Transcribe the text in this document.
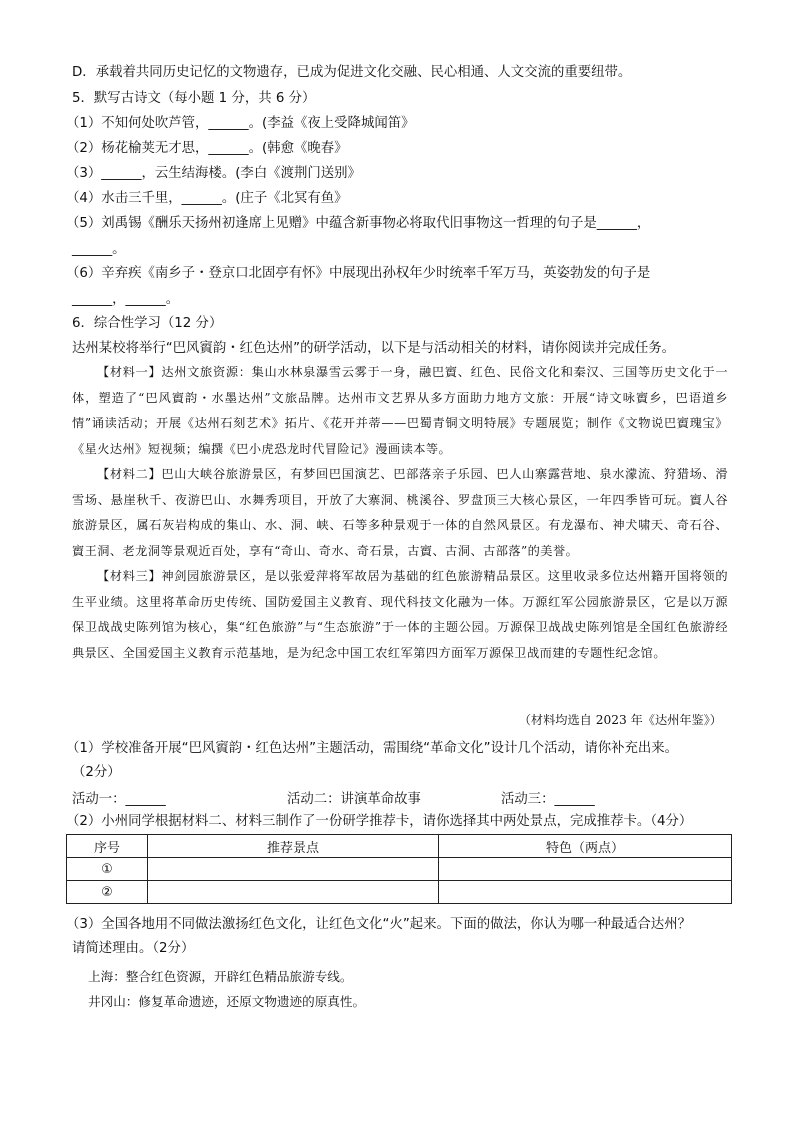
D．承载着共同历史记忆的文物遗存，已成为促进文化交融、民心相通、人文交流的重要纽带。
5．默写古诗文（每小题 1 分，共 6 分）
（1）不知何处吹芦管，______。(李益《夜上受降城闻笛》
（2）杨花榆荚无才思，______。(韩愈《晚春》
（3）______，云生结海楼。(李白《渡荆门送别》
（4）水击三千里，______。(庄子《北冥有鱼》
（5）刘禹锡《酬乐天扬州初逢席上见赠》中蕴含新事物必将取代旧事物这一哲理的句子是______，
______。
（6）辛弃疾《南乡子・登京口北固亭有怀》中展现出孙权年少时统率千军万马，英姿勃发的句子是
______，______。
6．综合性学习（12 分）
达州某校将举行“巴风賨韵・红色达州”的研学活动，以下是与活动相关的材料，请你阅读并完成任务。

【材料一】达州文旅资源：集山水林泉瀑雪云雾于一身，融巴賨、红色、民俗文化和秦汉、三国等历史文化于一体，塑造了“巴风賨韵・水墨达州”文旅品牌。达州市文艺界从多方面助力地方文旅：开展“诗文咏賨乡，巴语道乡情”诵读活动；开展《达州石刻艺术》拓片、《花开并蒂——巴蜀青铜文明特展》专题展览；制作《文物说巴賨瑰宝》《星火达州》短视频；编撰《巴小虎恐龙时代冒险记》漫画读本等。

【材料二】巴山大峡谷旅游景区，有梦回巴国演艺、巴部落亲子乐园、巴人山寨露营地、泉水濛流、狩猎场、滑雪场、悬崖秋千、夜游巴山、水舞秀项目，开放了大寨洞、桃溪谷、罗盘顶三大核心景区，一年四季皆可玩。賨人谷旅游景区，属石灰岩构成的集山、水、洞、峡、石等多种景观于一体的自然风景区。有龙瀑布、神犬啸天、奇石谷、賨王洞、老龙洞等景观近百处，享有“奇山、奇水、奇石景，古賨、古洞、古部落”的美誉。

【材料三】神剑园旅游景区，是以张爱萍将军故居为基础的红色旅游精品景区。这里收录多位达州籍开国将领的生平业绩。这里将革命历史传统、国防爱国主义教育、现代科技文化融为一体。万源红军公园旅游景区，它是以万源保卫战战史陈列馆为核心，集“红色旅游”与“生态旅游”于一体的主题公园。万源保卫战战史陈列馆是全国红色旅游经典景区、全国爱国主义教育示范基地，是为纪念中国工农红军第四方面军万源保卫战而建的专题性纪念馆。

（材料均选自 2023 年《达州年鉴》）
（1）学校准备开展“巴风賨韵・红色达州”主题活动，需围绕“革命文化”设计几个活动，请你补充出来。
（2分）
活动一：______	活动二：讲演革命故事	活动三：______
（2）小州同学根据材料二、材料三制作了一份研学推荐卡，请你选择其中两处景点，完成推荐卡。（4分）
序号	推荐景点	特色（两点）
①		
②		
（3）全国各地用不同做法激扬红色文化，让红色文化“火”起来。下面的做法，你认为哪一种最适合达州？
请简述理由。（2分）
上海：整合红色资源，开辟红色精品旅游专线。
井冈山：修复革命遗迹，还原文物遗迹的原真性。
